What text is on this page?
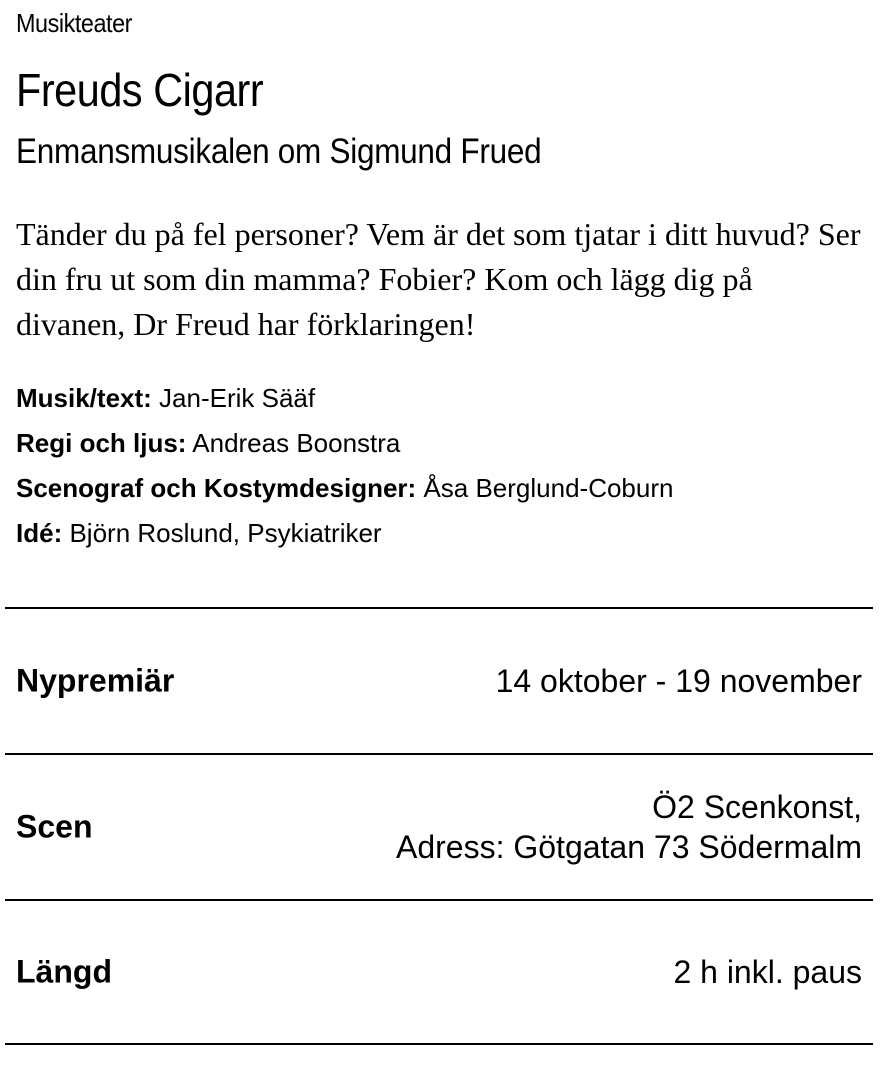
Musikteater
Freuds Cigarr
Enmansmusikalen om Sigmund Frued

Tänder du på fel personer? Vem är det som tjatar i ditt huvud? Ser din fru ut som din mamma? Fobier? Kom och lägg dig på divanen, Dr Freud har förklaringen!

Musik/text: Jan-Erik Sääf
Regi och ljus: Andreas Boonstra
Scenograf och Kostymdesigner: Åsa Berglund-Coburn
Idé: Björn Roslund, Psykiatriker
Nypremiär	14 oktober - 19 november
Scen
Ö2 Scenkonst,
Adress: Götgatan 73 Södermalm
Längd	2 h inkl. paus
